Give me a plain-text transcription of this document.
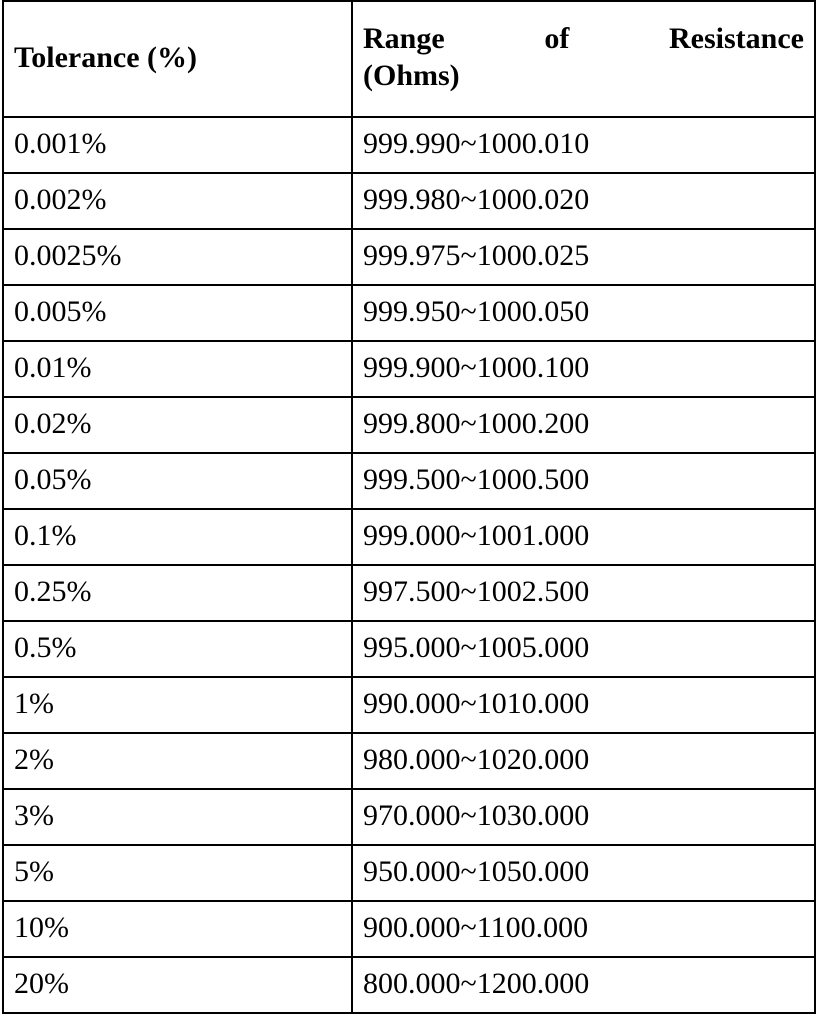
Tolerance (%)	Range of Resistance
(Ohms)

0.001%	999.990~1000.010
0.002%	999.980~1000.020
0.0025%	999.975~1000.025
0.005%	999.950~1000.050
0.01%	999.900~1000.100
0.02%	999.800~1000.200
0.05%	999.500~1000.500
0.1%	999.000~1001.000
0.25%	997.500~1002.500
0.5%	995.000~1005.000
1%	990.000~1010.000
2%	980.000~1020.000
3%	970.000~1030.000
5%	950.000~1050.000
10%	900.000~1100.000
20%	800.000~1200.000
